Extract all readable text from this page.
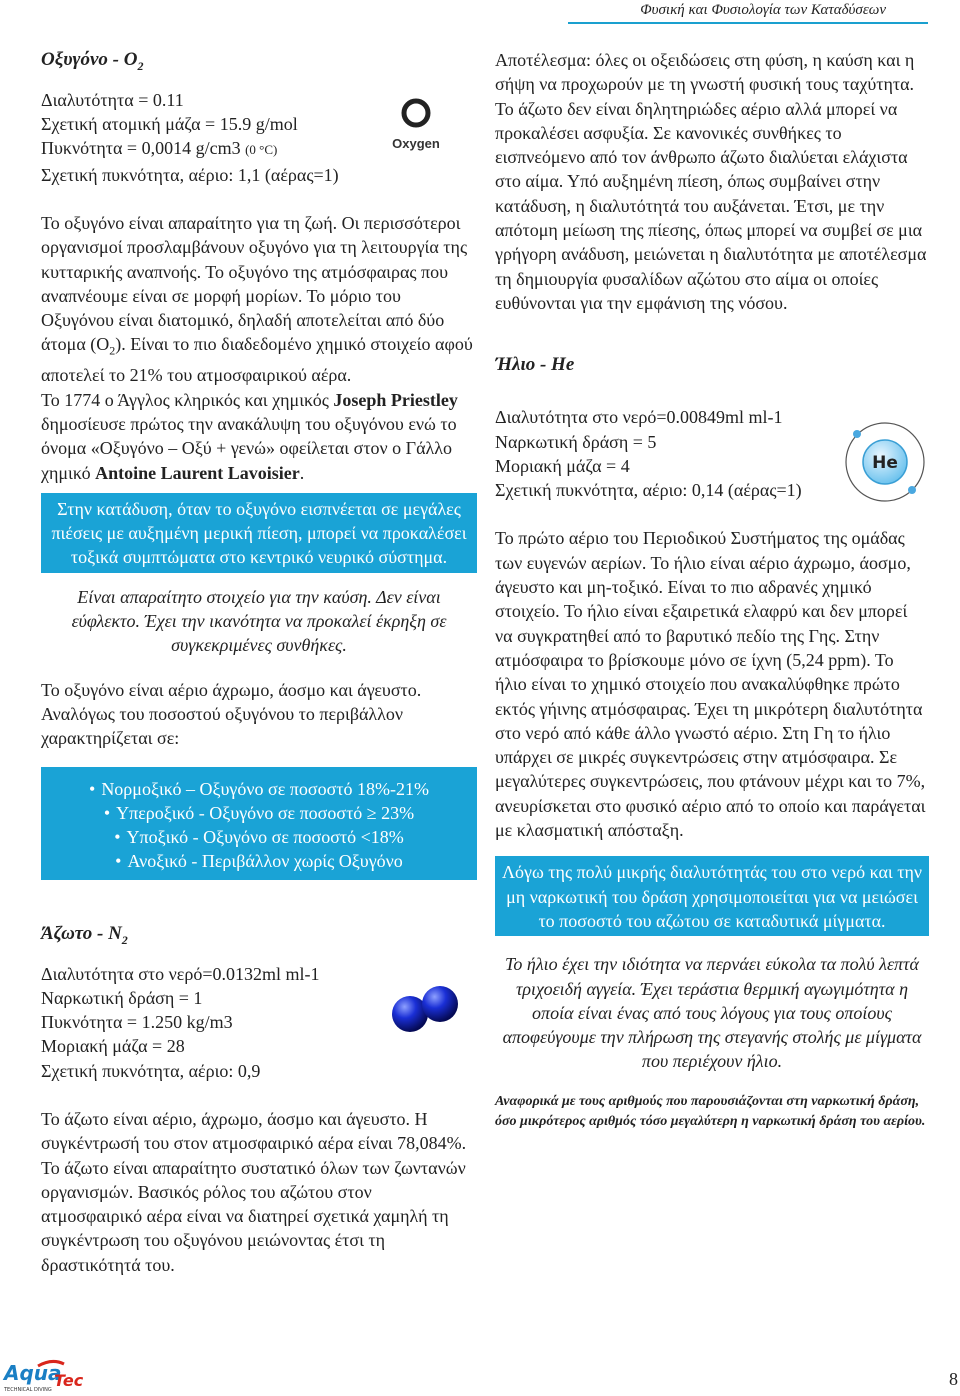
Φυσική και Φυσιολογία των Καταδύσεων
Oxygen
He
Οξυγόνο - $O_2$
Διαλυτότητα = 0.11
Σχετική ατομική μάζα = 15.9 g/mol
Πυκνότητα = 0,0014 g/cm3 (0 °C)
Σχετική πυκνότητα, αέριο: 1,1 (αέρας=1)
Το οξυγόνο είναι απαραίτητο για τη ζωή. Οι περισσότεροι οργανισμοί προσλαμβάνουν οξυγόνο για τη λειτουργία της κυτταρικής αναπνοής. Το οξυγόνο της ατμόσφαιρας που αναπνέουμε είναι σε μορφή μορίων. Το μόριο του Οξυγόνου είναι διατομικό, δηλαδή αποτελείται από δύο άτομα $(O_2)$. Είναι το πιο διαδεδομένο χημικό στοιχείο αφού αποτελεί το 21% του ατμοσφαιρικού αέρα.
Το 1774 ο Άγγλος κληρικός και χημικός Joseph Priestley δημοσίευσε πρώτος την ανακάλυψη του οξυγόνου ενώ το όνομα «Οξυγόνο – Οξύ + γενώ» οφείλεται στον ο Γάλλο χημικό Antoine Laurent Lavoisier.
Στην κατάδυση, όταν το οξυγόνο εισπνέεται σε μεγάλες πιέσεις με αυξημένη μερική πίεση, μπορεί να προκαλέσει τοξικά συμπτώματα στο κεντρικό νευρικό σύστημα.
Είναι απαραίτητο στοιχείο για την καύση. Δεν είναι εύφλεκτο. Έχει την ικανότητα να προκαλεί έκρηξη σε συγκεκριμένες συνθήκες.
Το οξυγόνο είναι αέριο άχρωμο, άοσμο και άγευστο. Αναλόγως του ποσοστού οξυγόνου το περιβάλλον χαρακτηρίζεται σε:
• Νορμοξικό – Οξυγόνο σε ποσοστό 18%-21%
• Υπεροξικό - Οξυγόνο σε ποσοστό ≥ 23%
• Υποξικό - Οξυγόνο σε ποσοστό <18%
• Ανοξικό - Περιβάλλον χωρίς Οξυγόνο
Άζωτο - $N_2$
Διαλυτότητα στο νερό=0.0132ml ml-1
Ναρκωτική δράση = 1
Πυκνότητα = 1.250 kg/m3
Μοριακή μάζα = 28
Σχετική πυκνότητα, αέριο: 0,9
Το άζωτο είναι αέριο, άχρωμο, άοσμο και άγευστο. Η συγκέντρωσή του στον ατμοσφαιρικό αέρα είναι 78,084%. Το άζωτο είναι απαραίτητο συστατικό όλων των ζωντανών οργανισμών. Βασικός ρόλος του αζώτου στον ατμοσφαιρικό αέρα είναι να διατηρεί σχετικά χαμηλή τη συγκέντρωση του οξυγόνου μειώνοντας έτσι τη δραστικότητά του.
Αποτέλεσμα: όλες οι οξειδώσεις στη φύση, η καύση και η σήψη να προχωρούν με τη γνωστή φυσική τους ταχύτητα. Το άζωτο δεν είναι δηλητηριώδες αέριο αλλά μπορεί να προκαλέσει ασφυξία. Σε κανονικές συνθήκες το εισπνεόμενο από τον άνθρωπο άζωτο διαλύεται ελάχιστα στο αίμα. Υπό αυξημένη πίεση, όπως συμβαίνει στην κατάδυση, η διαλυτότητά του αυξάνεται. Έτσι, με την απότομη μείωση της πίεσης, όπως μπορεί να συμβεί σε μια γρήγορη ανάδυση, μειώνεται η διαλυτότητα με αποτέλεσμα τη δημιουργία φυσαλίδων αζώτου στο αίμα οι οποίες ευθύνονται για την εμφάνιση της νόσου.
Ήλιο - He
Διαλυτότητα στο νερό=0.00849ml ml-1
Ναρκωτική δράση = 5
Μοριακή μάζα = 4
Σχετική πυκνότητα, αέριο: 0,14 (αέρας=1)
Το πρώτο αέριο του Περιοδικού Συστήματος της ομάδας των ευγενών αερίων. Το ήλιο είναι αέριο άχρωμο, άοσμο, άγευστο και μη-τοξικό. Είναι το πιο αδρανές χημικό στοιχείο. Το ήλιο είναι εξαιρετικά ελαφρύ και δεν μπορεί να συγκρατηθεί από το βαρυτικό πεδίο της Γης. Στην ατμόσφαιρα το βρίσκουμε μόνο σε ίχνη (5,24 ppm). Το ήλιο είναι το χημικό στοιχείο που ανακαλύφθηκε πρώτο εκτός γήινης ατμόσφαιρας. Έχει τη μικρότερη διαλυτότητα στο νερό από κάθε άλλο γνωστό αέριο. Στη Γη το ήλιο υπάρχει σε μικρές συγκεντρώσεις στην ατμόσφαιρα. Σε μεγαλύτερες συγκεντρώσεις, που φτάνουν μέχρι και το 7%, ανευρίσκεται στο φυσικό αέριο από το οποίο και παράγεται με κλασματική απόσταξη.
Λόγω της πολύ μικρής διαλυτότητάς του στο νερό και την μη ναρκωτική του δράση χρησιμοποιείται για να μειώσει το ποσοστό του αζώτου σε καταδυτικά μίγματα.
Το ήλιο έχει την ιδιότητα να περνάει εύκολα τα πολύ λεπτά τριχοειδή αγγεία. Έχει τεράστια θερμική αγωγιμότητα η οποία είναι ένας από τους λόγους για τους οποίους αποφεύγουμε την πλήρωση της στεγανής στολής με μίγματα που περιέχουν ήλιο.
Αναφορικά με τους αριθμούς που παρουσιάζονται στη ναρκωτική δράση, όσο μικρότερος αριθμός τόσο μεγαλύτερη η ναρκωτική δράση του αερίου.
Aqua
Tec
TECHNICAL DIVING
8
